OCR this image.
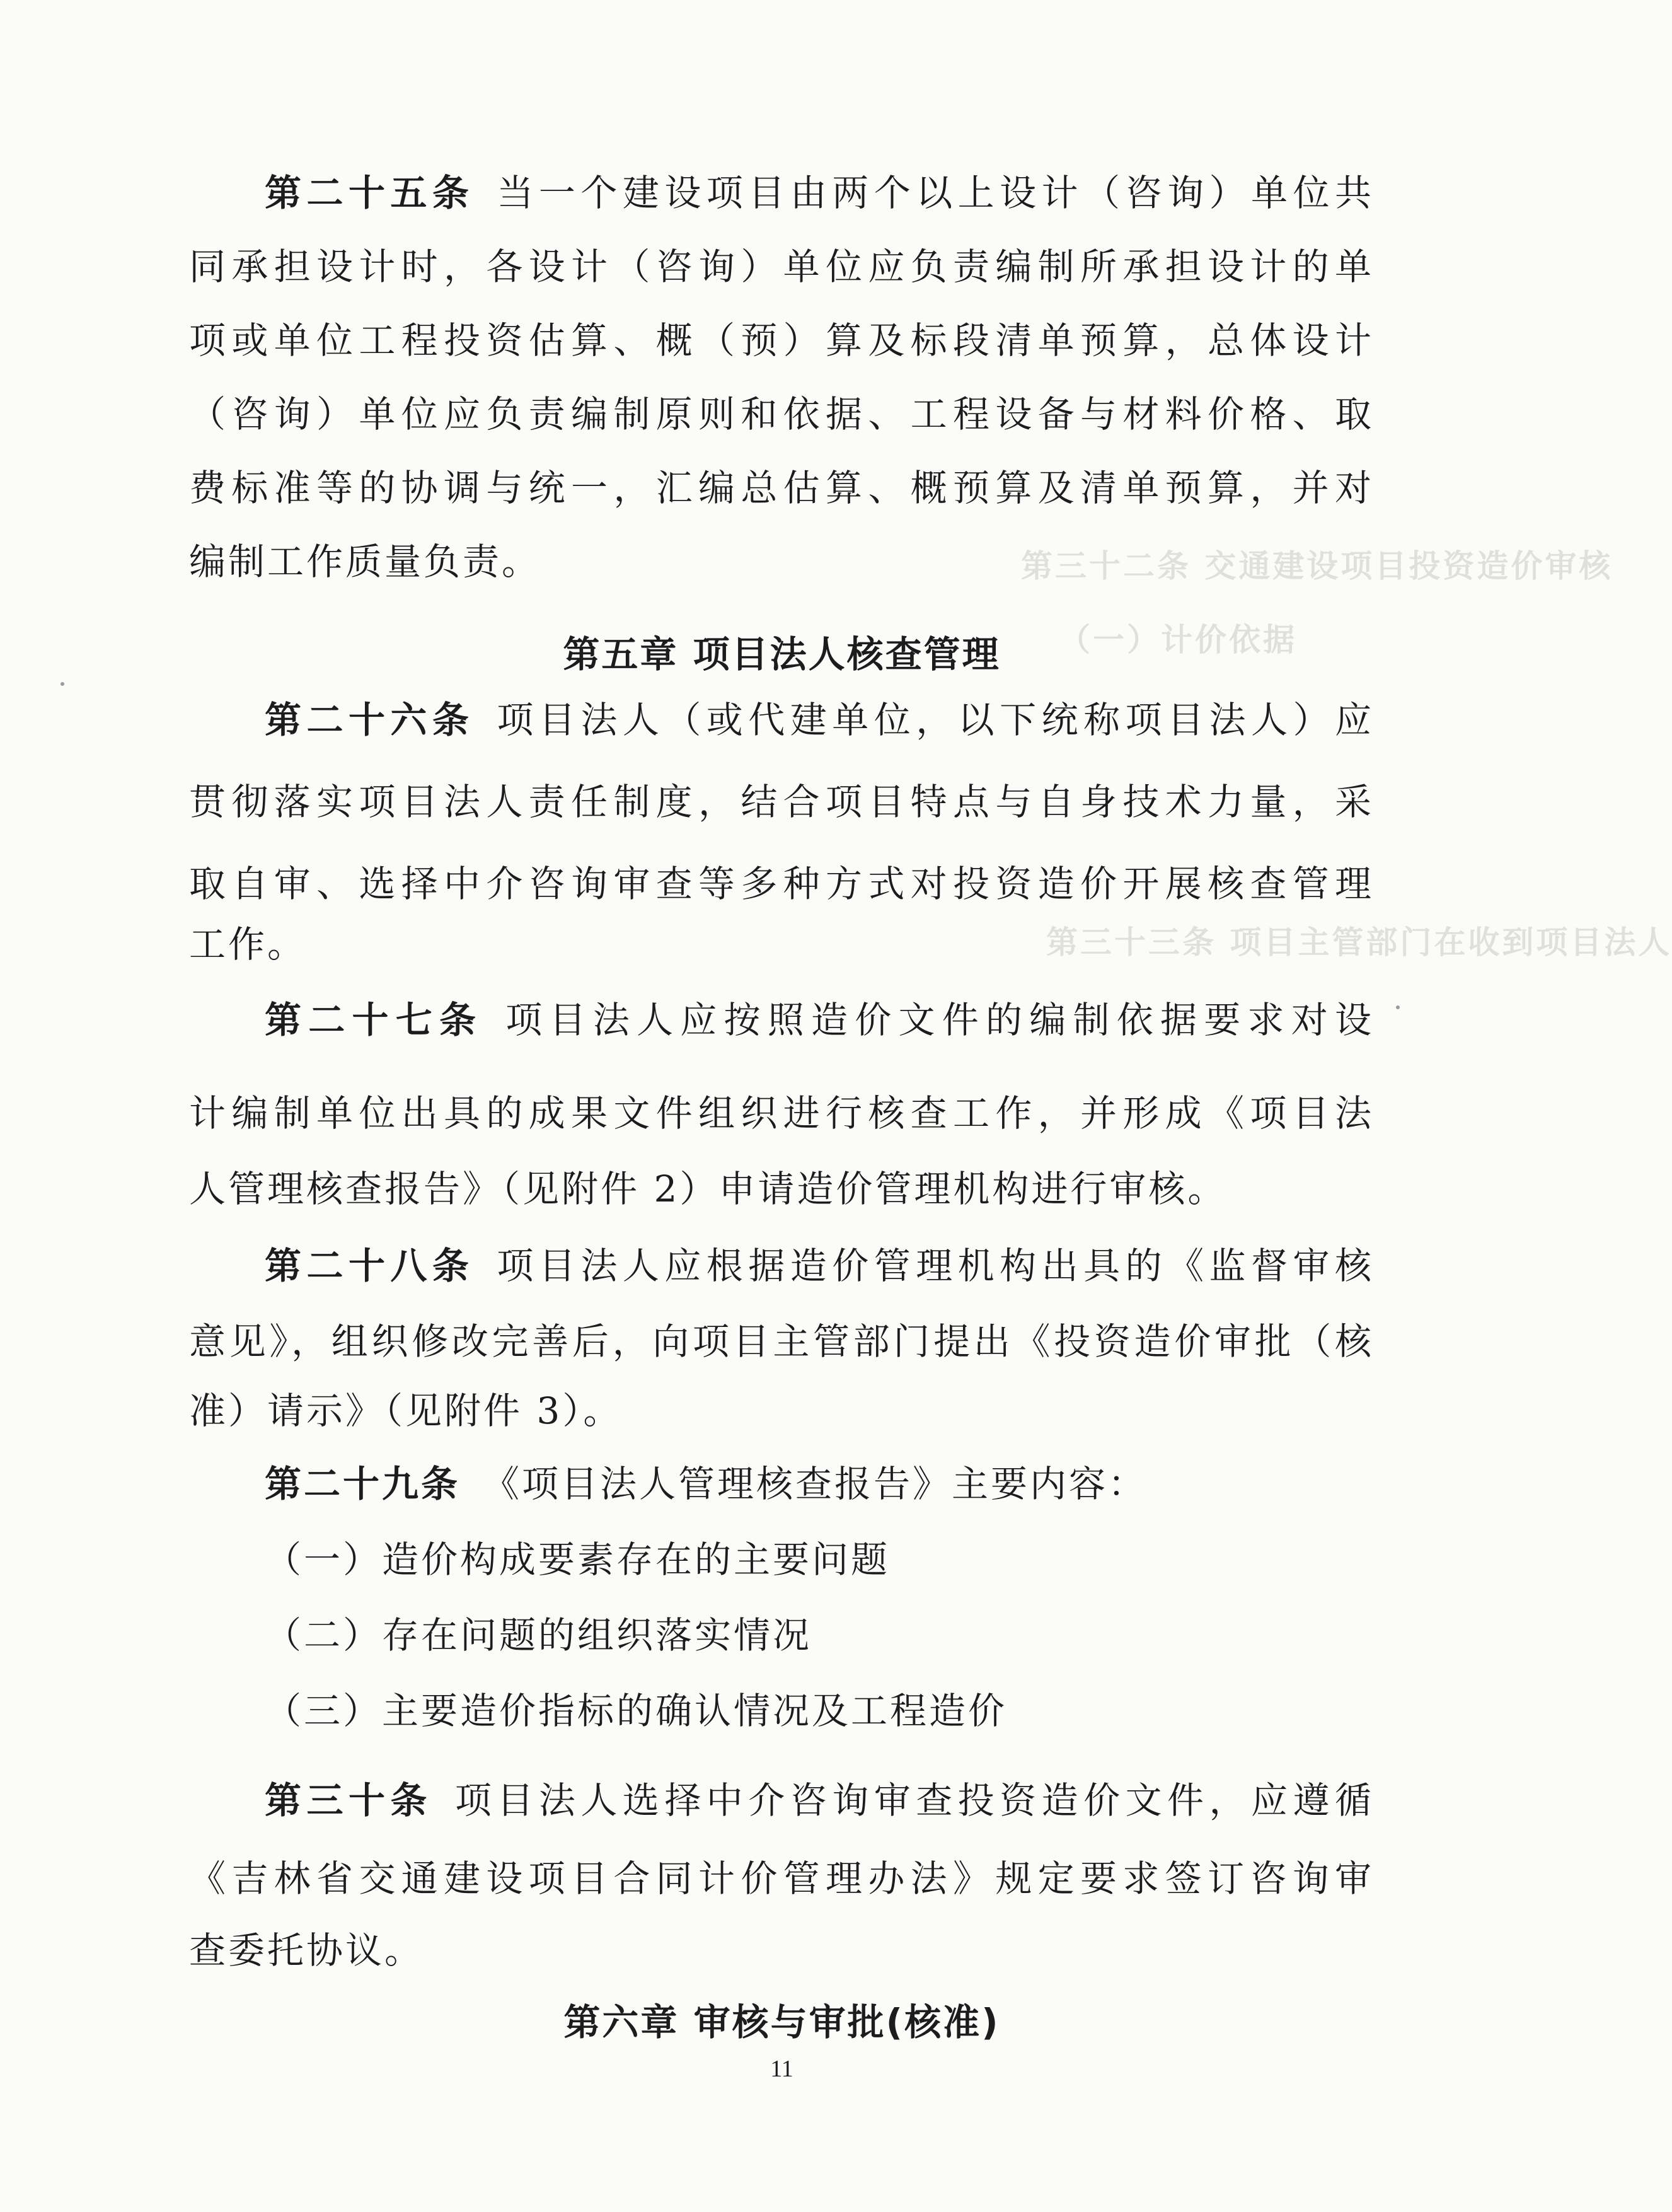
第三十二条 交通建设项目投资造价审核
（一）计价依据
第三十三条 项目主管部门在收到项目法人
第二十五条 当一个建设项目由两个以上设计（咨询）单位共
同承担设计时，各设计（咨询）单位应负责编制所承担设计的单
项或单位工程投资估算、概（预）算及标段清单预算，总体设计
（咨询）单位应负责编制原则和依据、工程设备与材料价格、取
费标准等的协调与统一，汇编总估算、概预算及清单预算，并对
编制工作质量负责。
第五章 项目法人核查管理
第二十六条 项目法人（或代建单位，以下统称项目法人）应
贯彻落实项目法人责任制度，结合项目特点与自身技术力量，采
取自审、选择中介咨询审查等多种方式对投资造价开展核查管理
工作。
第二十七条 项目法人应按照造价文件的编制依据要求对设
计编制单位出具的成果文件组织进行核查工作，并形成《项目法
人管理核查报告》（见附件 2）申请造价管理机构进行审核。
第二十八条 项目法人应根据造价管理机构出具的《监督审核
意见》，组织修改完善后，向项目主管部门提出《投资造价审批（核
准）请示》（见附件 3）。
第二十九条 《项目法人管理核查报告》主要内容：
（一）造价构成要素存在的主要问题
（二）存在问题的组织落实情况
（三）主要造价指标的确认情况及工程造价
第三十条 项目法人选择中介咨询审查投资造价文件，应遵循
《吉林省交通建设项目合同计价管理办法》规定要求签订咨询审
查委托协议。
第六章 审核与审批(核准)
11
